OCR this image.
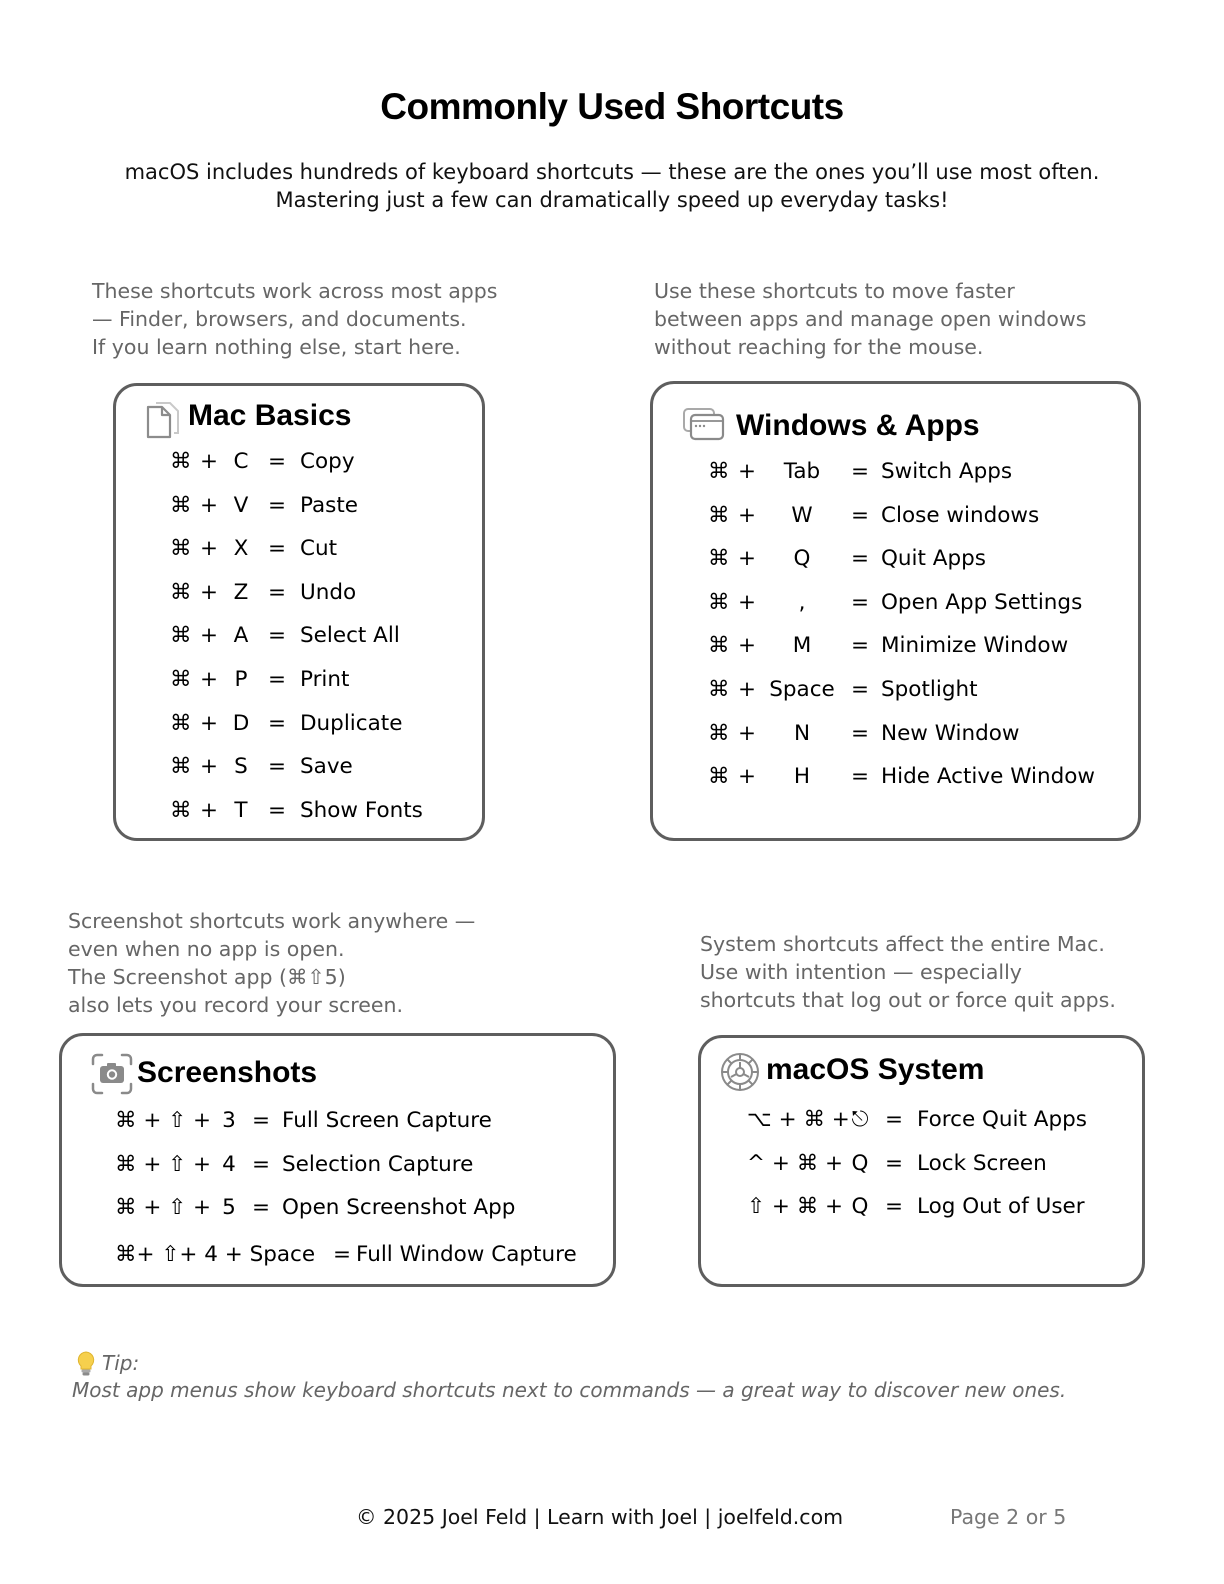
Commonly Used Shortcuts
macOS includes hundreds of keyboard shortcuts — these are the ones you’ll use most often.
Mastering just a few can dramatically speed up everyday tasks!
These shortcuts work across most apps
— Finder, browsers, and documents.
If you learn nothing else, start here.
Mac Basics
⌘ + C = Copy
⌘ + V = Paste
⌘ + X = Cut
⌘ + Z = Undo
⌘ + A = Select All
⌘ + P = Print
⌘ + D = Duplicate
⌘ + S = Save
⌘ + T = Show Fonts
Use these shortcuts to move faster
between apps and manage open windows
without reaching for the mouse.
Windows & Apps
⌘ +	Tab	= Switch Apps
⌘ +	W	= Close windows
⌘ +	Q	= Quit Apps
⌘ +	,	= Open App Settings
⌘ +	M	= Minimize Window
⌘ + Space = Spotlight
⌘ +	N	= New Window
⌘ +	H	= Hide Active Window
Screenshot shortcuts work anywhere —
even when no app is open.
The Screenshot app (⌘⇧5)
also lets you record your screen.
Screenshots
⌘ + ⇧ + 3 = Full Screen Capture
⌘ + ⇧ + 4 = Selection Capture
⌘ + ⇧ + 5 = Open Screenshot App
⌘+ ⇧+ 4 + Space = Full Window Capture
System shortcuts affect the entire Mac.
Use with intention — especially
shortcuts that log out or force quit apps.
macOS System
⌥ + ⌘ + ⎋ = Force Quit Apps
^ + ⌘ + Q = Lock Screen
⇧ + ⌘ + Q = Log Out of User
Tip:
Most app menus show keyboard shortcuts next to commands — a great way to discover new ones.
© 2025 Joel Feld | Learn with Joel | joelfeld.com	Page 2 or 5
